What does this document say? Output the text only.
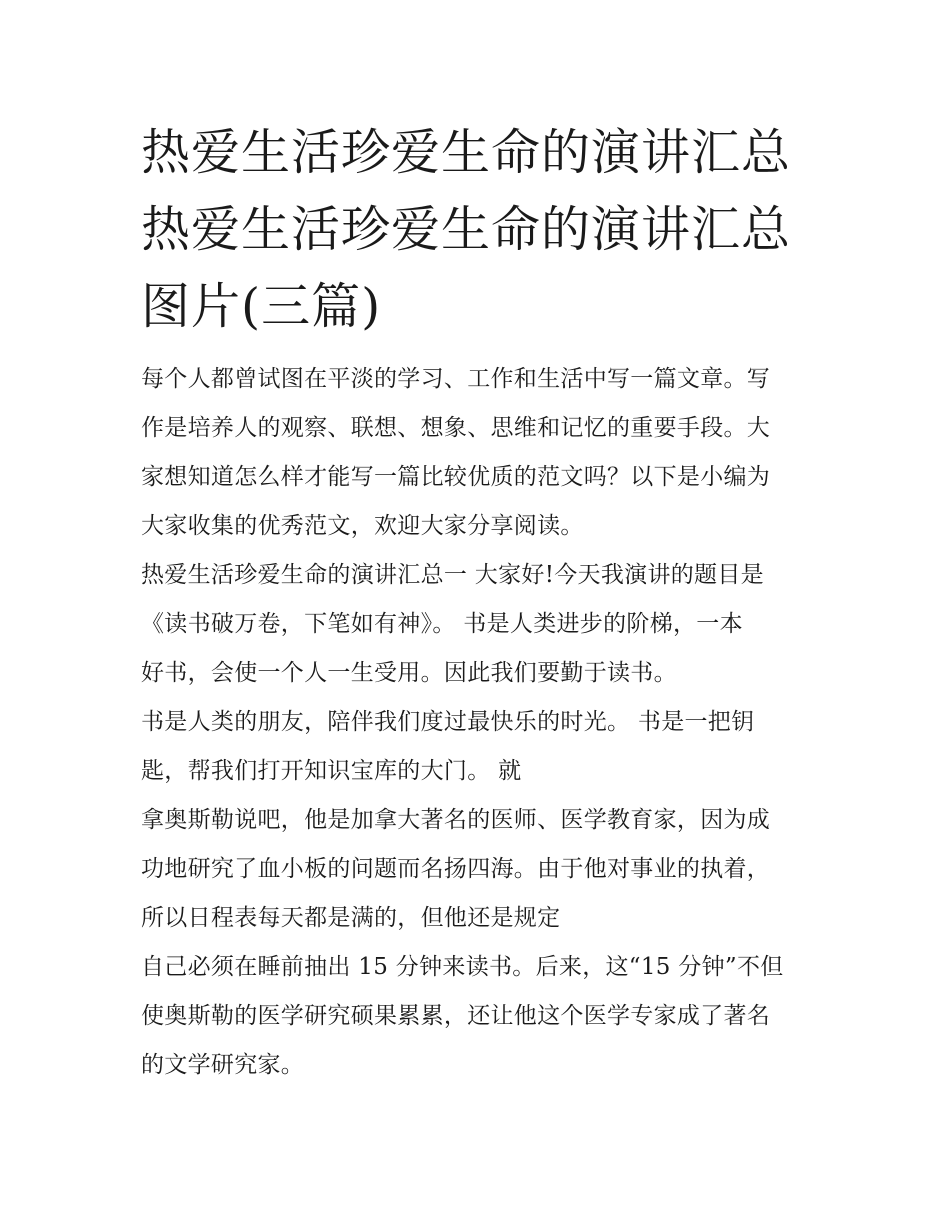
热爱生活珍爱生命的演讲汇总
热爱生活珍爱生命的演讲汇总
图片(三篇)
每个人都曾试图在平淡的学习、工作和生活中写一篇文章。写
作是培养人的观察、联想、想象、思维和记忆的重要手段。大
家想知道怎么样才能写一篇比较优质的范文吗？以下是小编为
大家收集的优秀范文，欢迎大家分享阅读。
热爱生活珍爱生命的演讲汇总一 大家好!今天我演讲的题目是
《读书破万卷，下笔如有神》。 书是人类进步的阶梯，一本
好书，会使一个人一生受用。因此我们要勤于读书。
书是人类的朋友，陪伴我们度过最快乐的时光。 书是一把钥
匙，帮我们打开知识宝库的大门。 就
拿奥斯勒说吧，他是加拿大著名的医师、医学教育家，因为成
功地研究了血小板的问题而名扬四海。由于他对事业的执着，
所以日程表每天都是满的，但他还是规定
自己必须在睡前抽出 15 分钟来读书。后来，这“15 分钟”不但
使奥斯勒的医学研究硕果累累，还让他这个医学专家成了著名
的文学研究家。
